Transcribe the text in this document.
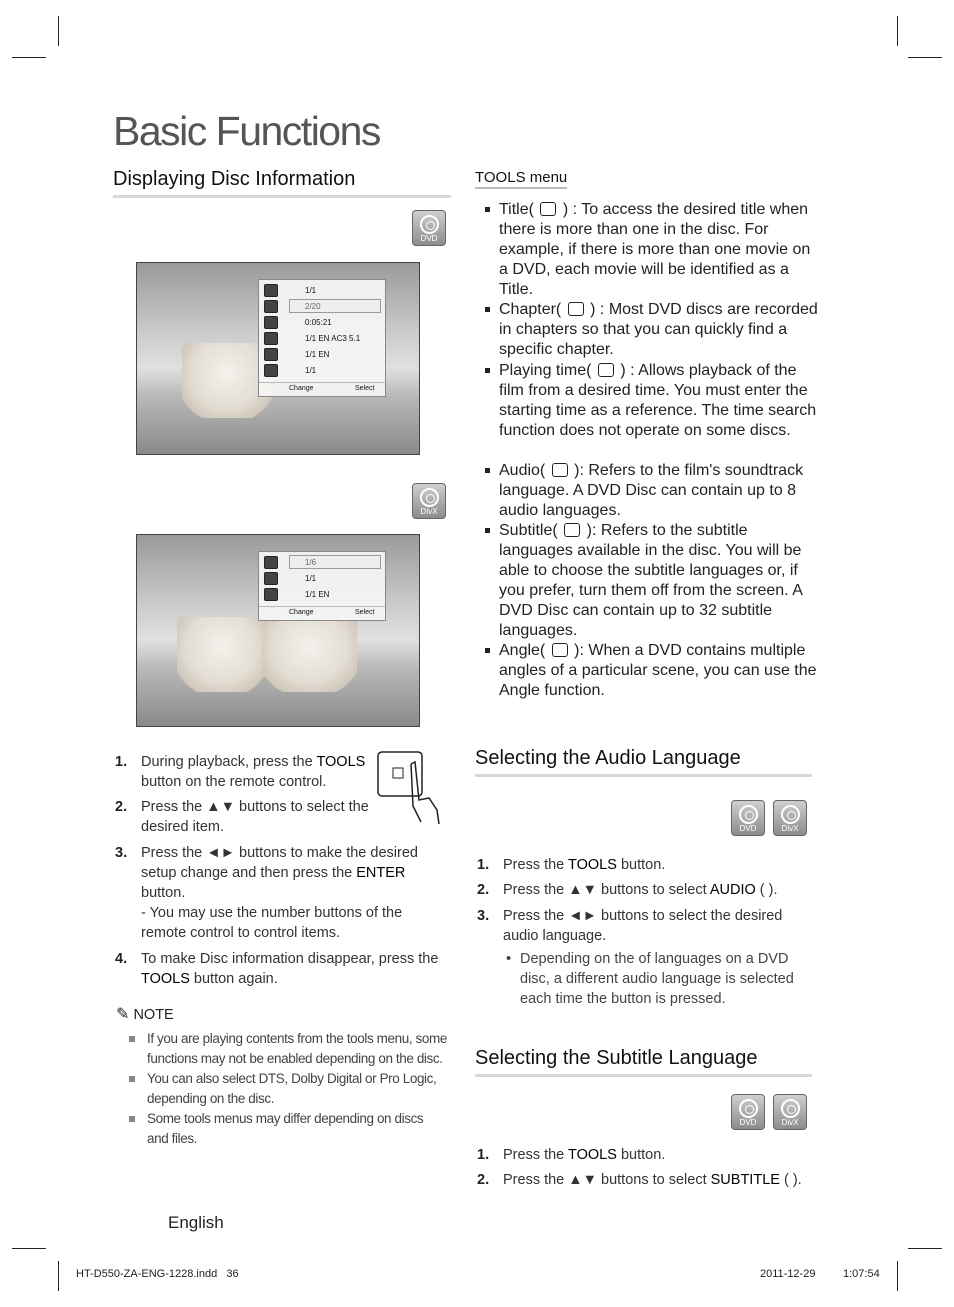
Basic Functions
Displaying Disc Information
DVD
1/1
2/20
0:05:21
1/1 EN AC3 5.1
1/1 EN
1/1
Change	Select
DivX
1/6
1/1
1/1 EN
Change	Select
1. During playback, press the TOOLS button on the remote control.
2. Press the ▲▼ buttons to select the desired item.
3. Press the ◄► buttons to make the desired setup change and then press the ENTER button.
- You may use the number buttons of the remote control to control items.
4. To make Disc information disappear, press the TOOLS button again.
✎ NOTE
If you are playing contents from the tools menu, some functions may not be enabled depending on the disc.
You can also select DTS, Dolby Digital or Pro Logic, depending on the disc.
Some tools menus may differ depending on discs and files.
TOOLS menu
Title(  ) : To access the desired title when there is more than one in the disc. For example, if there is more than one movie on a DVD, each movie will be identified as a Title.
Chapter(  ) : Most DVD discs are recorded in chapters so that you can quickly find a specific chapter.
Playing time(  ) : Allows playback of the film from a desired time. You must enter the starting time as a reference. The time search function does not operate on some discs.
Audio(  ): Refers to the film's soundtrack language. A DVD Disc can contain up to 8 audio languages.
Subtitle(  ): Refers to the subtitle languages available in the disc. You will be able to choose the subtitle languages or, if you prefer, turn them off from the screen. A DVD Disc can contain up to 32 subtitle languages.
Angle(  ): When a DVD contains multiple angles of a particular scene, you can use the Angle function.
Selecting the Audio Language
DVD	DivX
1. Press the TOOLS button.
2. Press the ▲▼ buttons to select AUDIO ( ).
3. Press the ◄► buttons to select the desired audio language.
• Depending on the of languages on a DVD disc, a different audio language is selected each time the button is pressed.
Selecting the Subtitle Language
DVD	DivX
1. Press the TOOLS button.
2. Press the ▲▼ buttons to select SUBTITLE ( ).
English
HT-D550-ZA-ENG-1228.indd   36	2011-12-29	1:07:54
